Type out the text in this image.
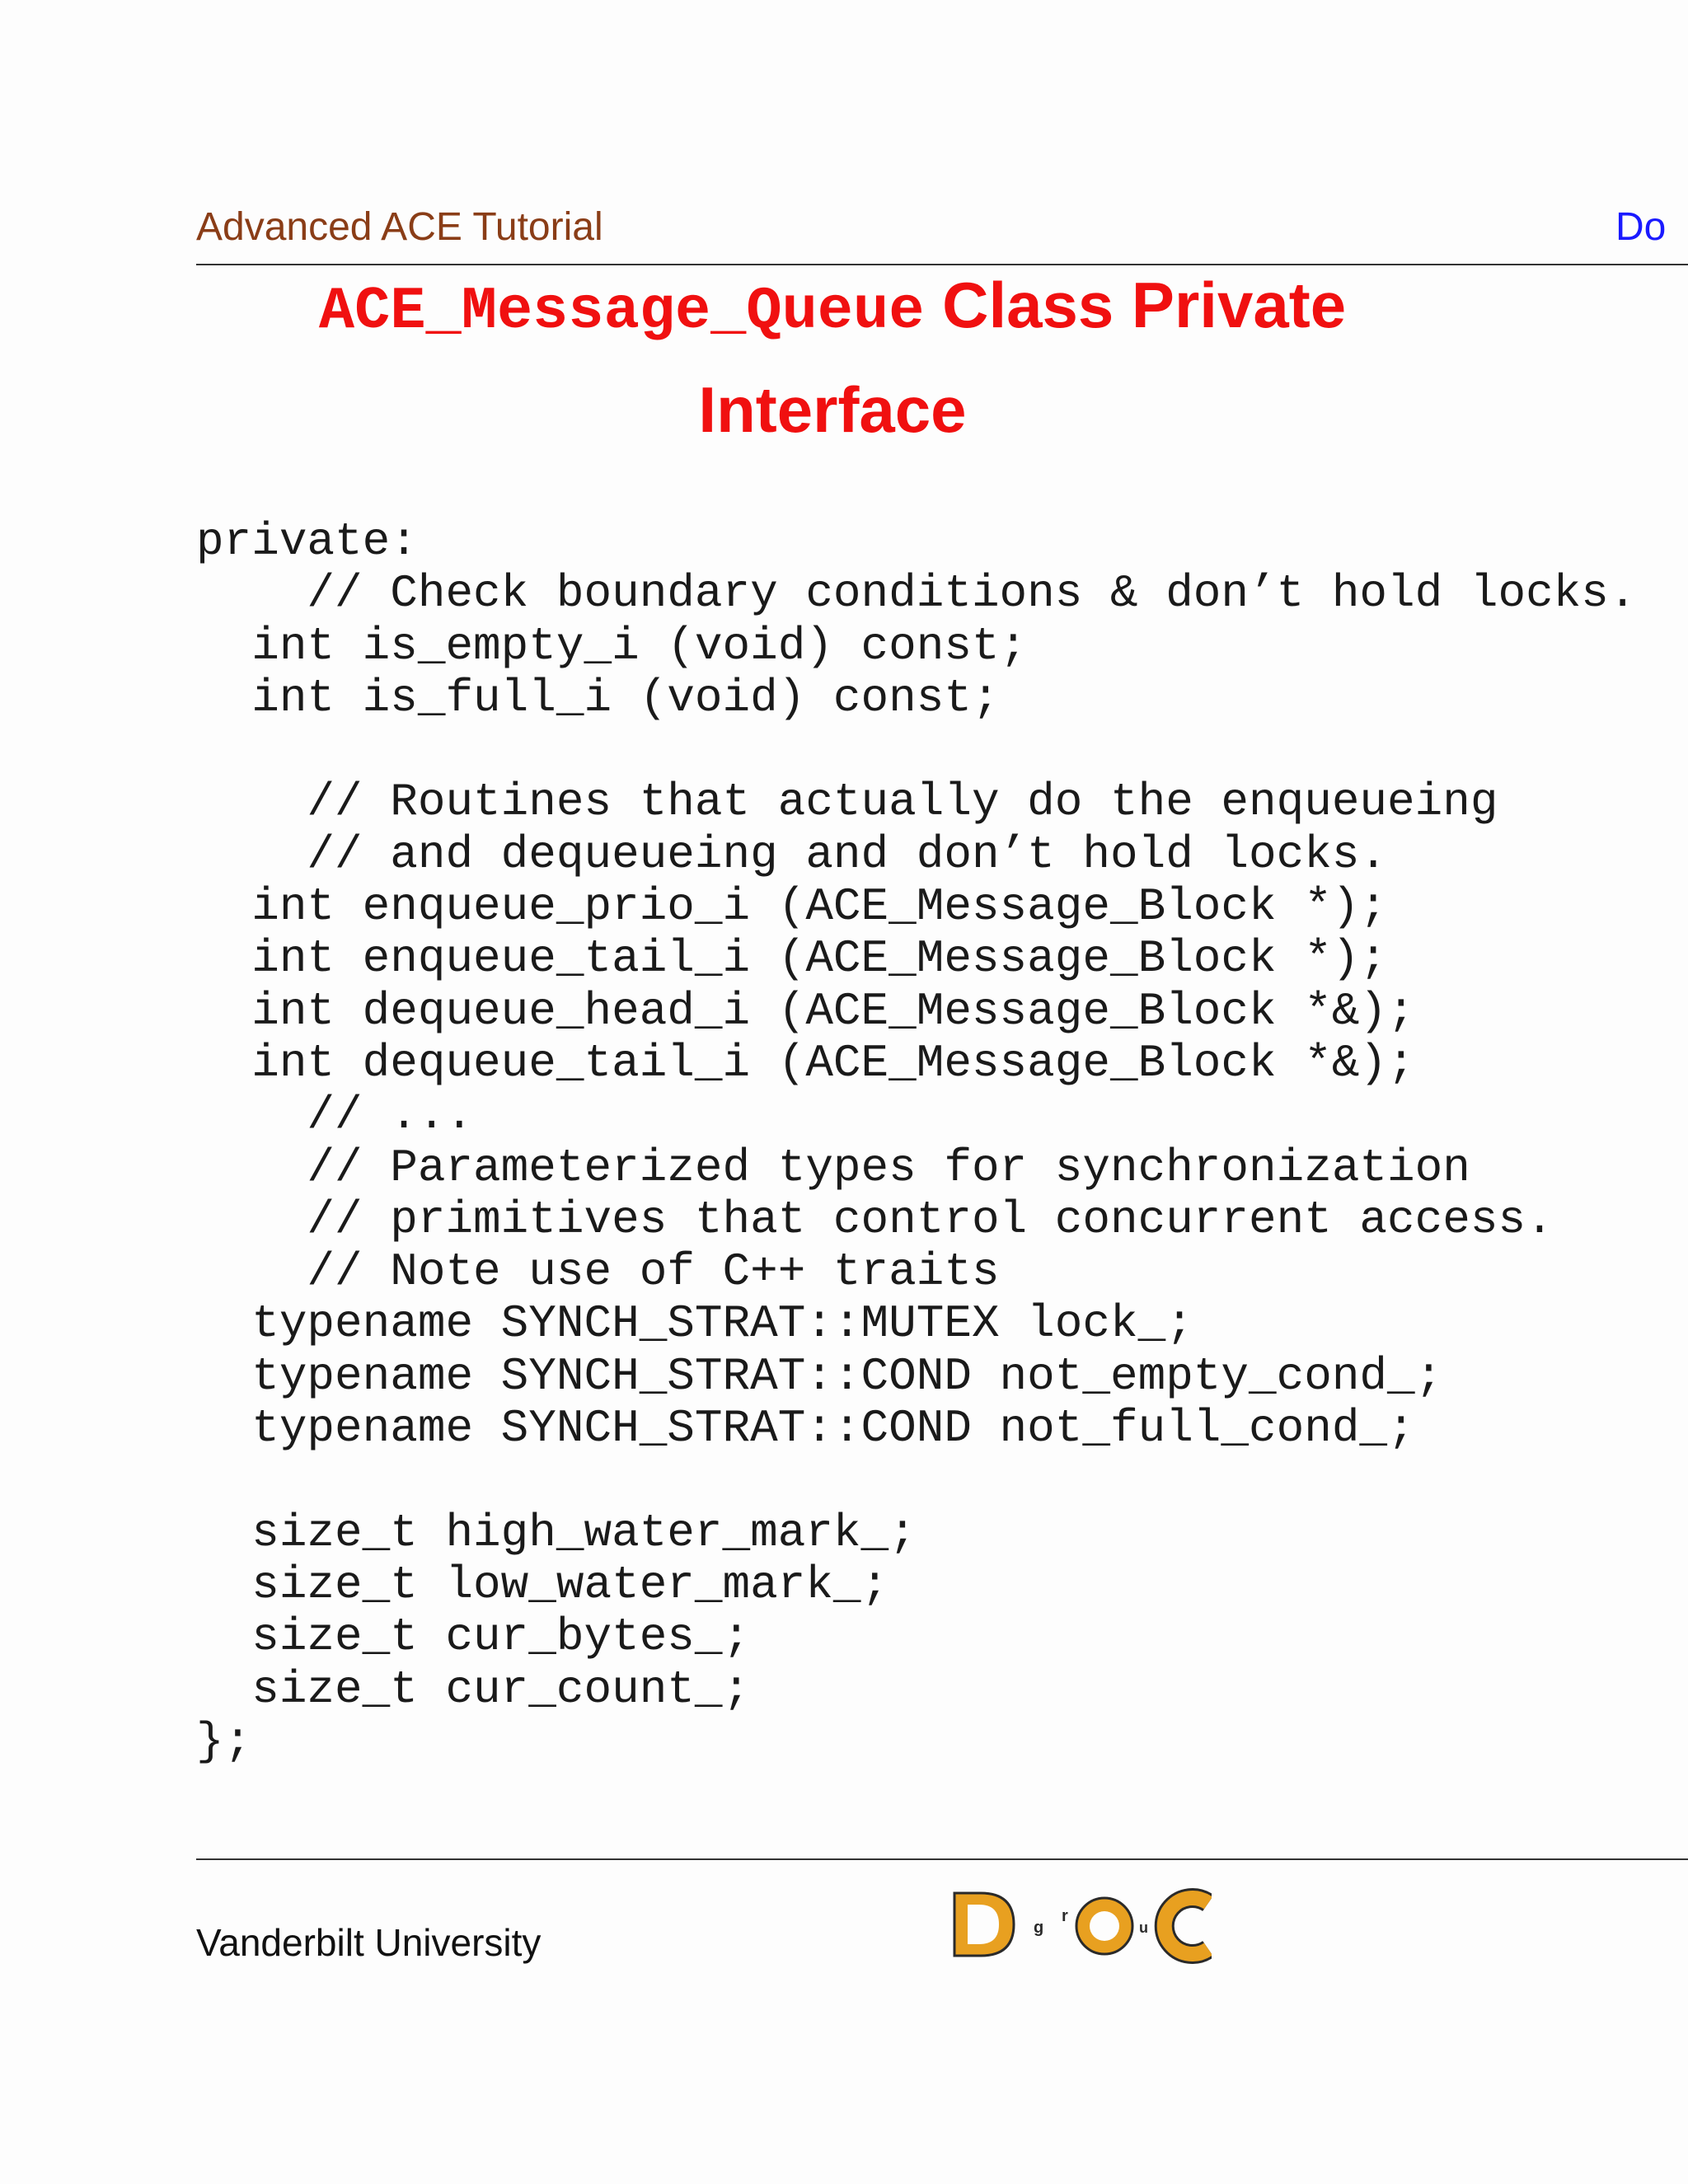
Advanced ACE Tutorial	Do
ACE_Message_Queue Class Private
Interface
private:
// Check boundary conditions & don’t hold locks.
int is_empty_i (void) const;
int is_full_i (void) const;
// Routines that actually do the enqueueing
// and dequeueing and don’t hold locks.
int enqueue_prio_i (ACE_Message_Block *);
int enqueue_tail_i (ACE_Message_Block *);
int dequeue_head_i (ACE_Message_Block *&);
int dequeue_tail_i (ACE_Message_Block *&);
// ...
// Parameterized types for synchronization
// primitives that control concurrent access.
// Note use of C++ traits
typename SYNCH_STRAT::MUTEX lock_;
typename SYNCH_STRAT::COND not_empty_cond_;
typename SYNCH_STRAT::COND not_full_cond_;
size_t high_water_mark_;
size_t low_water_mark_;
size_t cur_bytes_;
size_t cur_count_;
};
Vanderbilt University	g
r
u p
